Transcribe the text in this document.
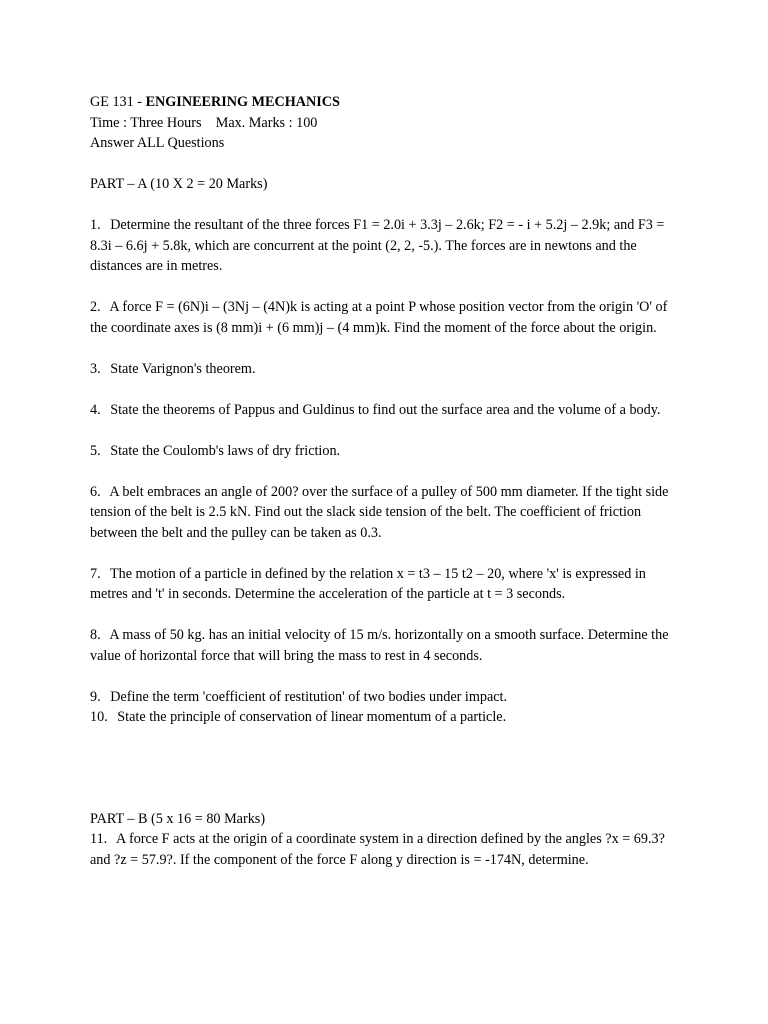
GE 131 - ENGINEERING MECHANICS

Time : Three Hours    Max. Marks : 100

Answer ALL Questions

PART – A (10 X 2 = 20 Marks)

1. Determine the resultant of the three forces F1 = 2.0i + 3.3j – 2.6k; F2 = - i + 5.2j – 2.9k; and F3 = 8.3i – 6.6j + 5.8k, which are concurrent at the point (2, 2, -5.). The forces are in newtons and the distances are in metres.

2. A force F = (6N)i – (3Nj – (4N)k is acting at a point P whose position vector from the origin 'O' of the coordinate axes is (8 mm)i + (6 mm)j – (4 mm)k. Find the moment of the force about the origin.

3. State Varignon's theorem.

4. State the theorems of Pappus and Guldinus to find out the surface area and the volume of a body.

5. State the Coulomb's laws of dry friction.

6. A belt embraces an angle of 200? over the surface of a pulley of 500 mm diameter. If the tight side tension of the belt is 2.5 kN. Find out the slack side tension of the belt. The coefficient of friction between the belt and the pulley can be taken as 0.3.

7. The motion of a particle in defined by the relation x = t3 – 15 t2 – 20, where 'x' is expressed in metres and 't' in seconds. Determine the acceleration of the particle at t = 3 seconds.

8. A mass of 50 kg. has an initial velocity of 15 m/s. horizontally on a smooth surface. Determine the value of horizontal force that will bring the mass to rest in 4 seconds.

9. Define the term 'coefficient of restitution' of two bodies under impact.

10. State the principle of conservation of linear momentum of a particle.

PART – B (5 x 16 = 80 Marks)

11. A force F acts at the origin of a coordinate system in a direction defined by the angles ?x = 69.3? and ?z = 57.9?. If the component of the force F along y direction is = -174N, determine.
